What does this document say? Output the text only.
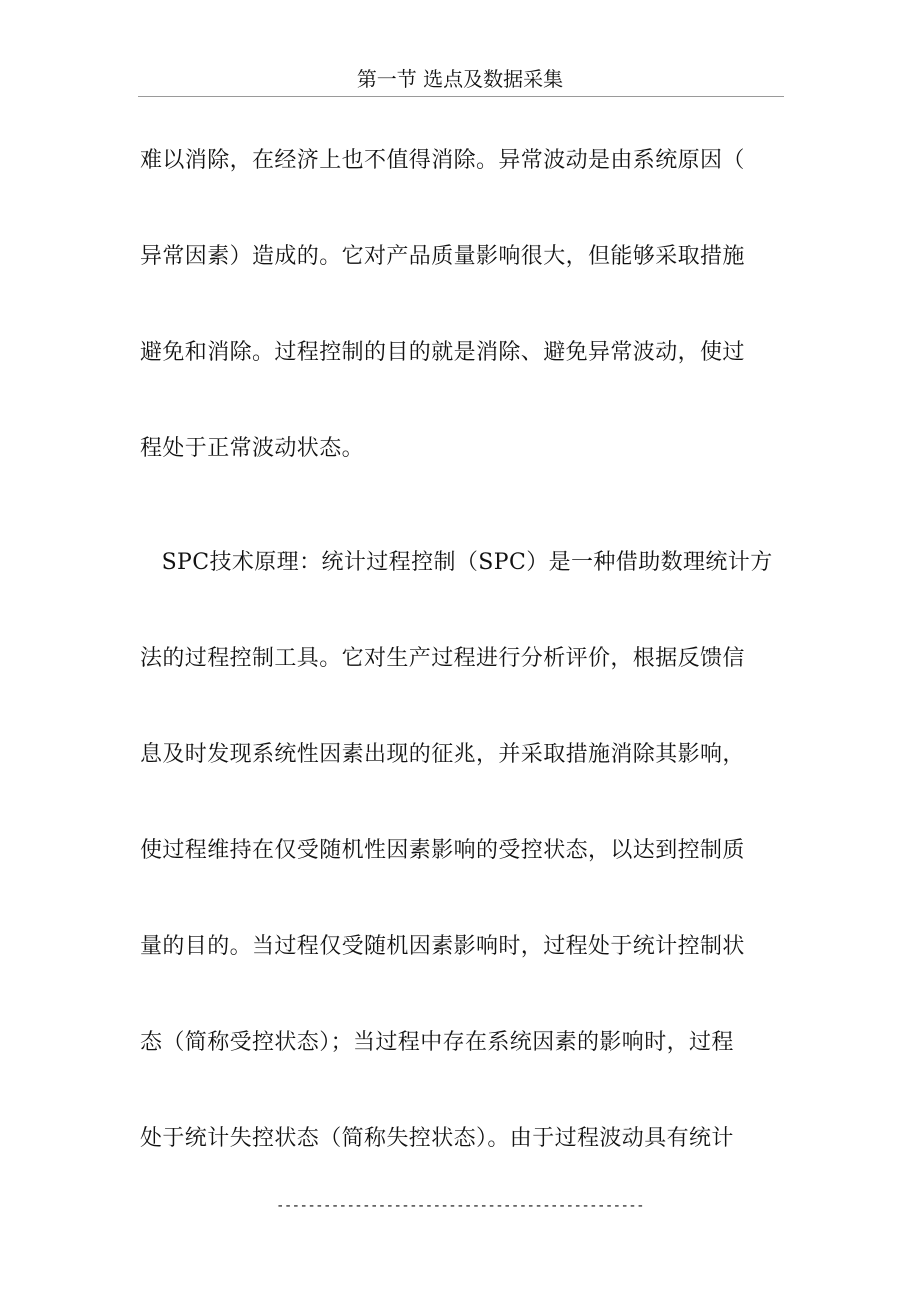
第一节 选点及数据采集
难以消除，在经济上也不值得消除。异常波动是由系统原因（
异常因素）造成的。它对产品质量影响很大，但能够采取措施
避免和消除。过程控制的目的就是消除、避免异常波动，使过
程处于正常波动状态。
SPC技术原理：统计过程控制（SPC）是一种借助数理统计方
法的过程控制工具。它对生产过程进行分析评价，根据反馈信
息及时发现系统性因素出现的征兆，并采取措施消除其影响，
使过程维持在仅受随机性因素影响的受控状态，以达到控制质
量的目的。当过程仅受随机因素影响时，过程处于统计控制状
态（简称受控状态）；当过程中存在系统因素的影响时，过程
处于统计失控状态（简称失控状态）。由于过程波动具有统计
-----------------------------------------------
